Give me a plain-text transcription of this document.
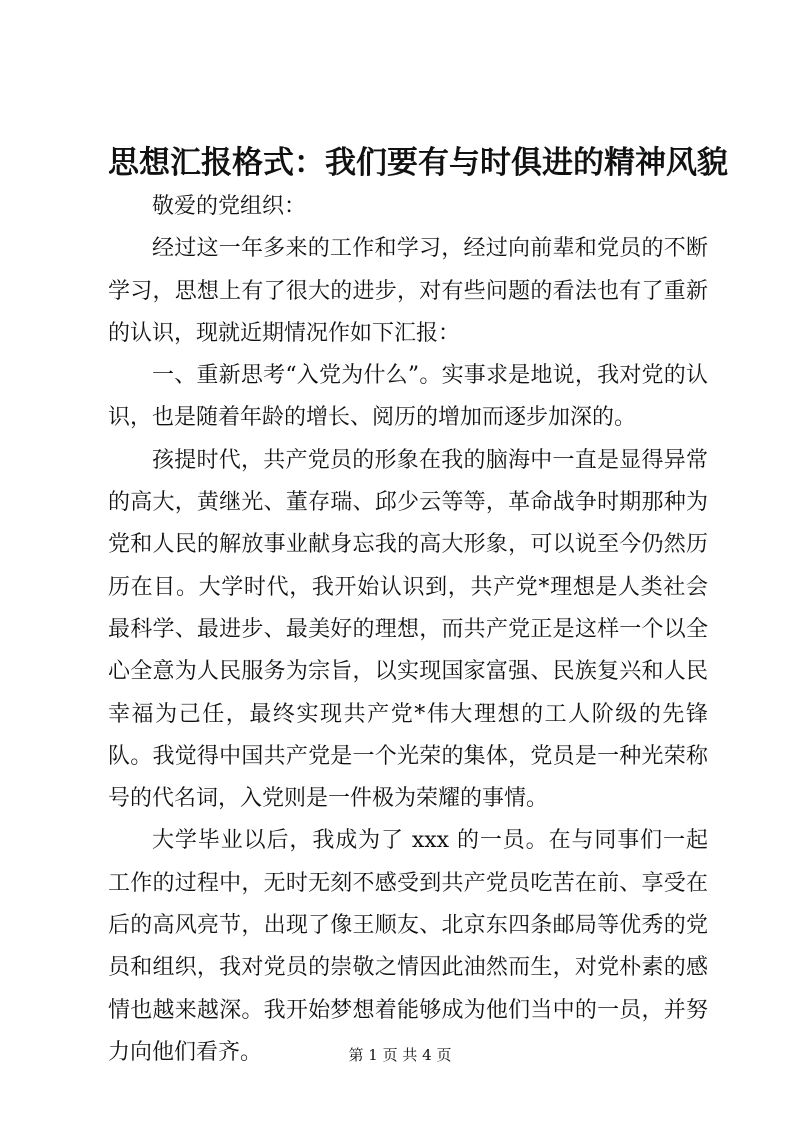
思想汇报格式：我们要有与时俱进的精神风貌

敬爱的党组织：

经过这一年多来的工作和学习，经过向前辈和党员的不断学习，思想上有了很大的进步，对有些问题的看法也有了重新的认识，现就近期情况作如下汇报：

一、重新思考“入党为什么”。实事求是地说，我对党的认识，也是随着年龄的增长、阅历的增加而逐步加深的。

孩提时代，共产党员的形象在我的脑海中一直是显得异常的高大，黄继光、董存瑞、邱少云等等，革命战争时期那种为党和人民的解放事业献身忘我的高大形象，可以说至今仍然历历在目。大学时代，我开始认识到，共产党*理想是人类社会最科学、最进步、最美好的理想，而共产党正是这样一个以全心全意为人民服务为宗旨，以实现国家富强、民族复兴和人民幸福为己任，最终实现共产党*伟大理想的工人阶级的先锋队。我觉得中国共产党是一个光荣的集体，党员是一种光荣称号的代名词，入党则是一件极为荣耀的事情。

大学毕业以后，我成为了 xxx 的一员。在与同事们一起工作的过程中，无时无刻不感受到共产党员吃苦在前、享受在后的高风亮节，出现了像王顺友、北京东四条邮局等优秀的党员和组织，我对党员的崇敬之情因此油然而生，对党朴素的感情也越来越深。我开始梦想着能够成为他们当中的一员，并努力向他们看齐。	第 1 页 共 4 页
